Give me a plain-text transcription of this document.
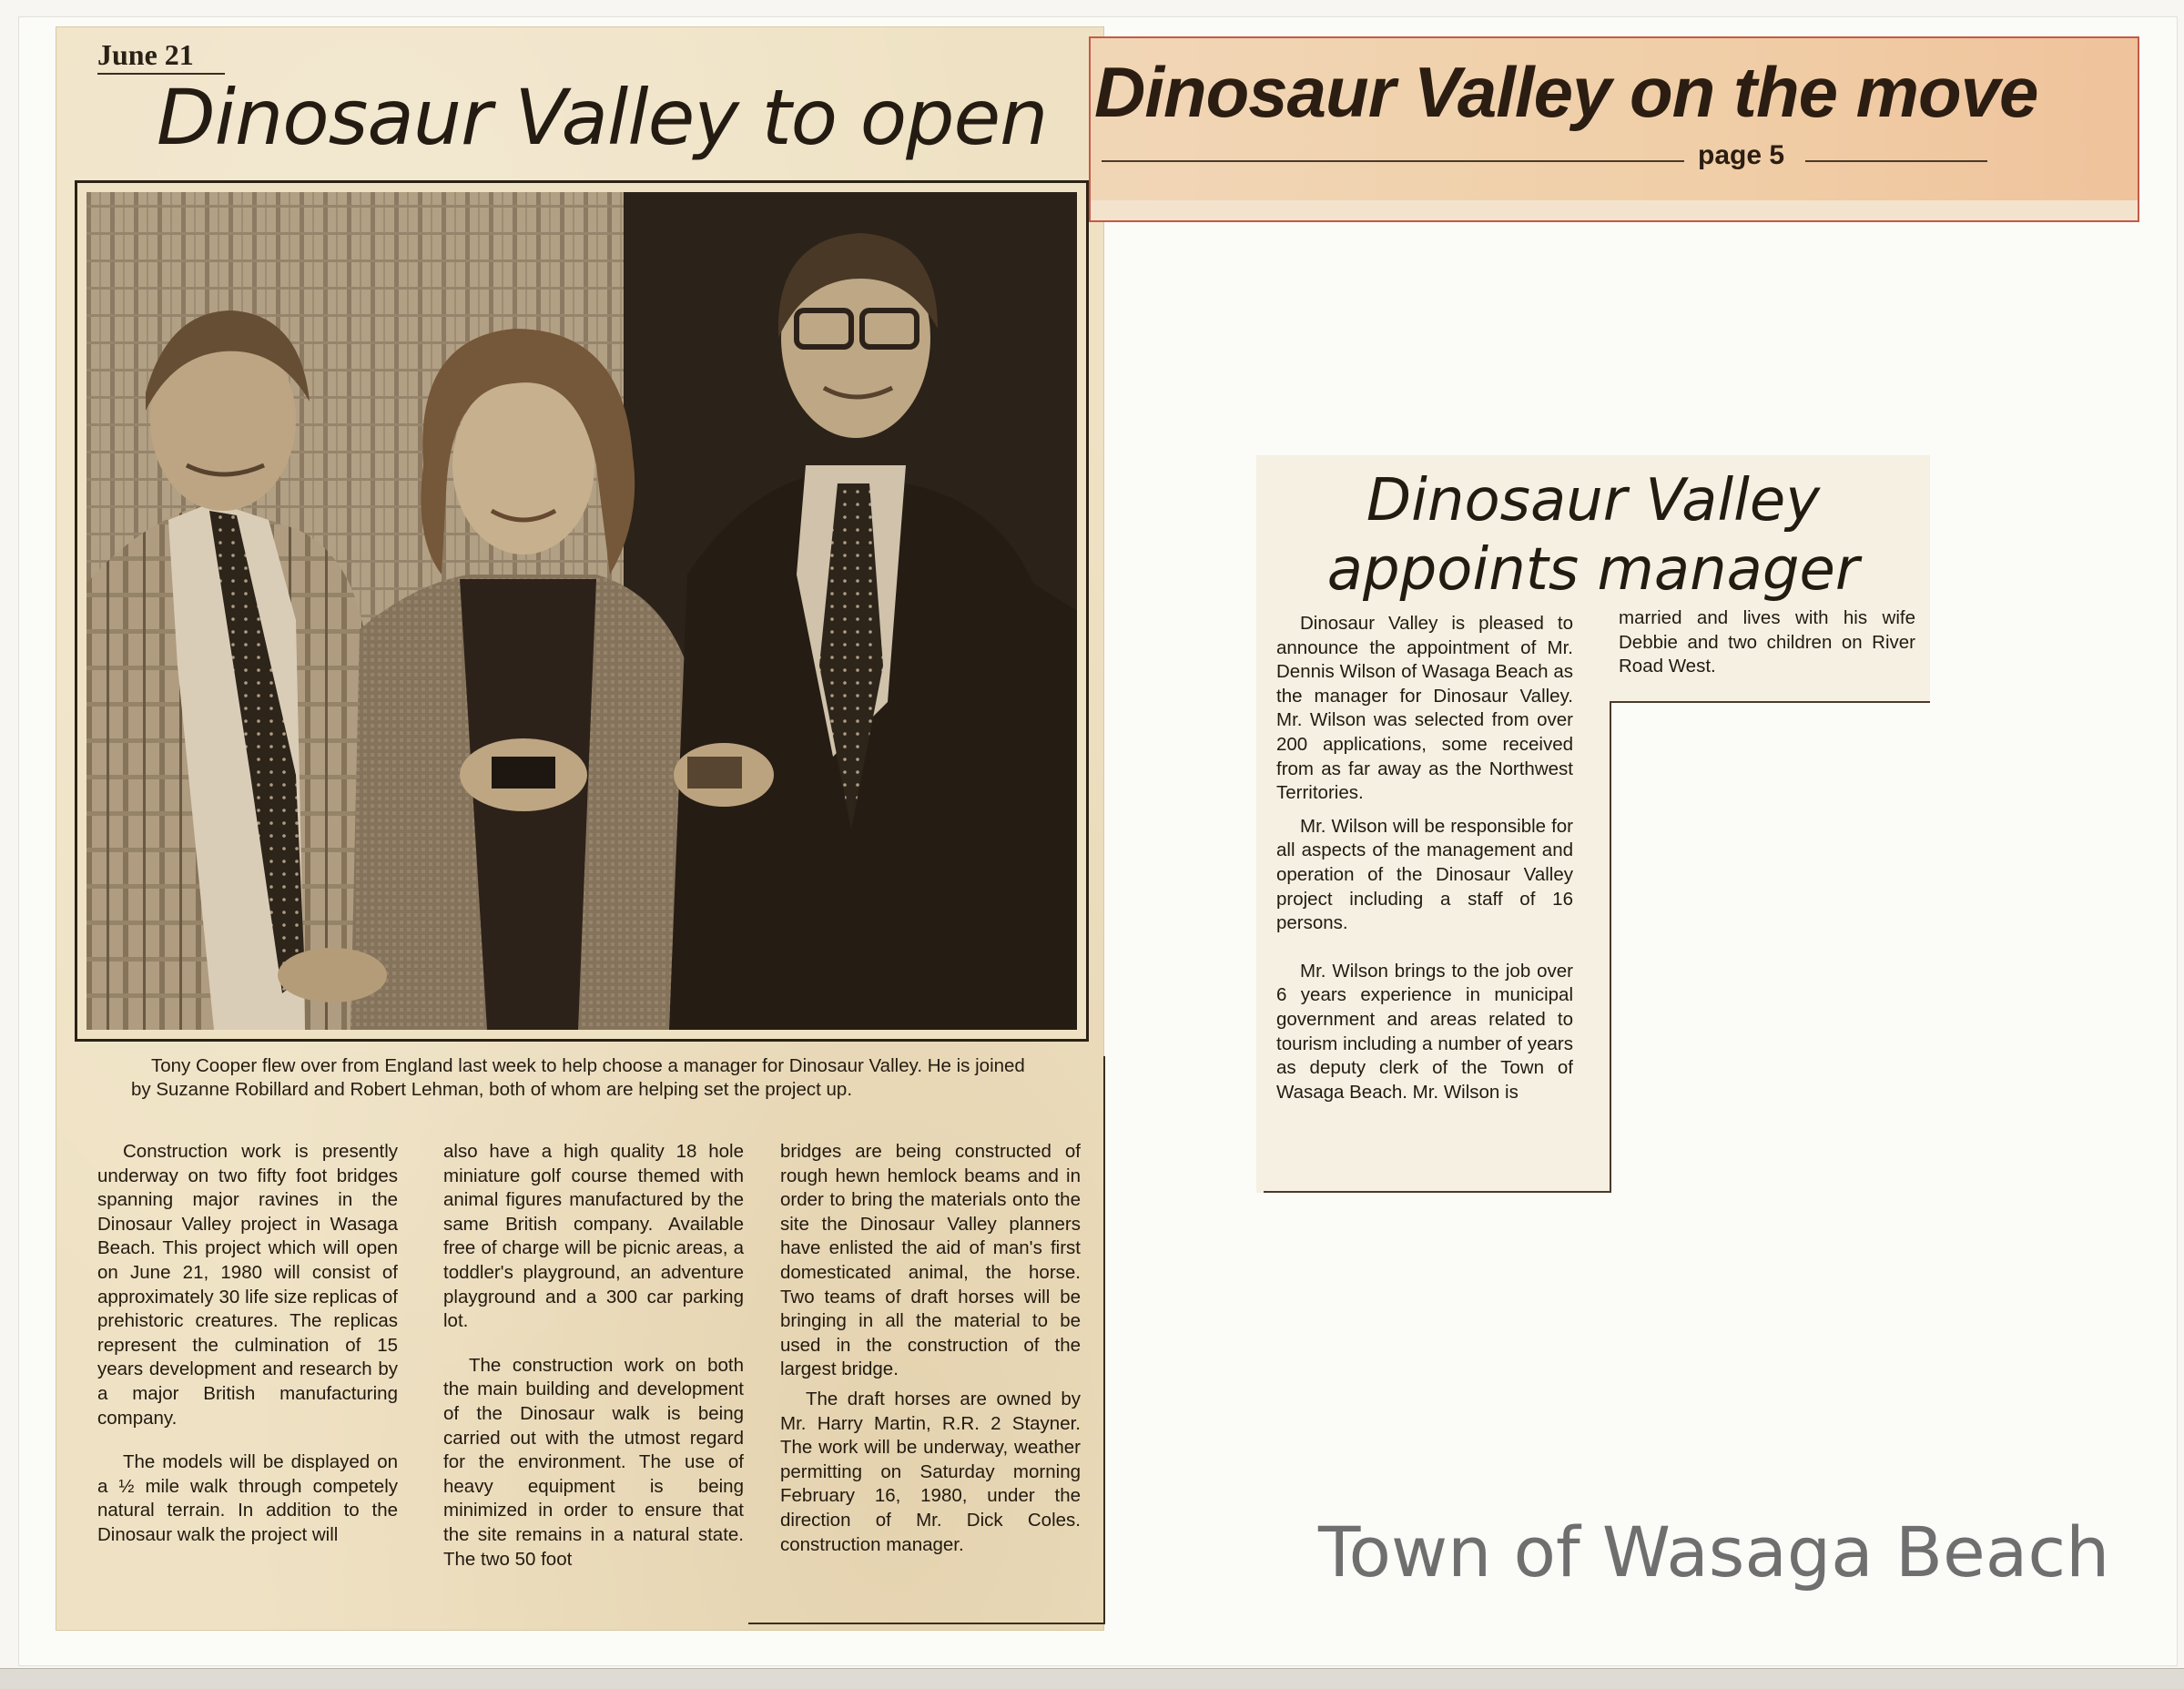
June 21
Dinosaur Valley to open
Tony Cooper flew over from England last week to help choose a manager for Dinosaur Valley. He is joined by Suzanne Robillard and Robert Lehman, both of whom are helping set the project up.

Construction work is presently underway on two fifty foot bridges spanning major ravines in the Dinosaur Valley project in Wasaga Beach. This project which will open on June 21, 1980 will consist of approximately 30 life size replicas of prehistoric creatures. The replicas represent the culmination of 15 years development and research by a major British manufacturing company.

The models will be displayed on a ½ mile walk through competely natural terrain. In addition to the Dinosaur walk the project will

also have a high quality 18 hole miniature golf course themed with animal figures manufactured by the same British company. Available free of charge will be picnic areas, a toddler's playground, an adventure playground and a 300 car parking lot.

The construction work on both the main building and development of the Dinosaur walk is being carried out with the utmost regard for the environment. The use of heavy equipment is being minimized in order to ensure that the site remains in a natural state. The two 50 foot

bridges are being constructed of rough hewn hemlock beams and in order to bring the materials onto the site the Dinosaur Valley planners have enlisted the aid of man's first domesticated animal, the horse. Two teams of draft horses will be bringing in all the material to be used in the construction of the largest bridge.

The draft horses are owned by Mr. Harry Martin, R.R. 2 Stayner. The work will be underway, weather permitting on Saturday morning February 16, 1980, under the direction of Mr. Dick Coles. construction manager.

Dinosaur Valley on the move
page 5
Dinosaur Valley
appoints manager

Dinosaur Valley is pleased to announce the appointment of Mr. Dennis Wilson of Wasaga Beach as the manager for Dinosaur Valley. Mr. Wilson was selected from over 200 applications, some received from as far away as the Northwest Territories.

Mr. Wilson will be responsible for all aspects of the management and operation of the Dinosaur Valley project including a staff of 16 persons.

Mr. Wilson brings to the job over 6 years experience in municipal government and areas related to tourism including a number of years as deputy clerk of the Town of Wasaga Beach. Mr. Wilson is

married and lives with his wife Debbie and two children on River Road West.

Town of Wasaga Beach
